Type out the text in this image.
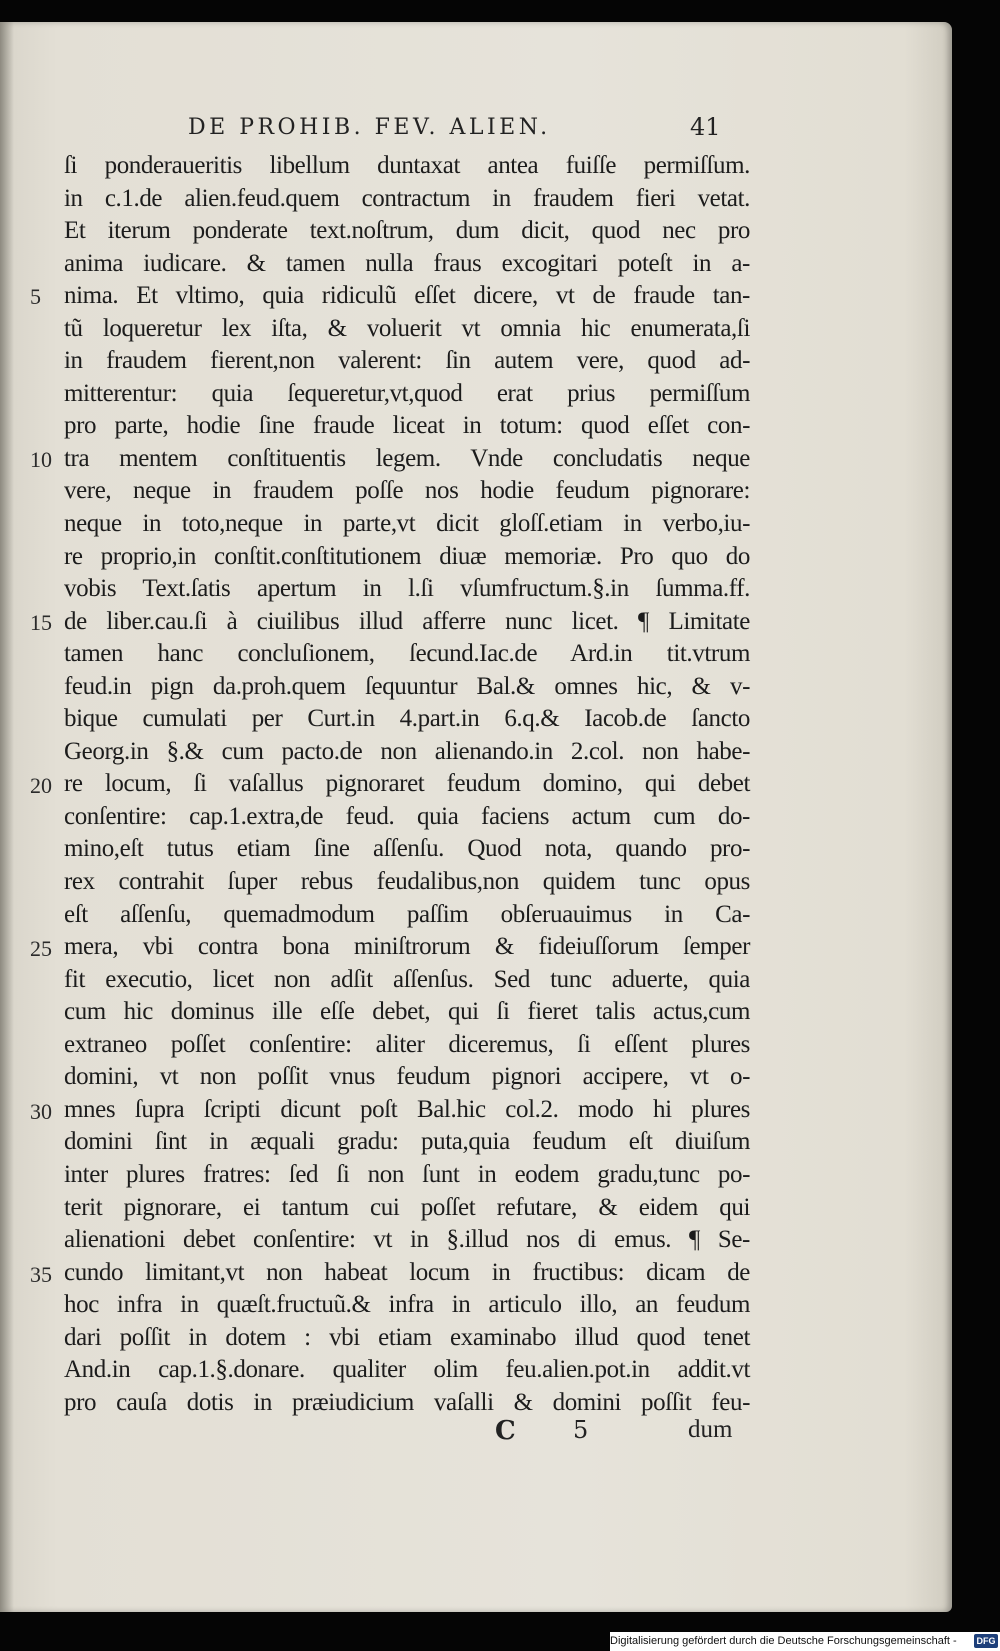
DE PROHIB. FEV. ALIEN.	41
5
10
15
20
25
30
35
ſi ponderaueritis libellum duntaxat antea fuiſſe permiſſum.
in c.1.de alien.feud.quem contractum in fraudem fieri vetat.
Et iterum ponderate text.noſtrum, dum dicit, quod nec pro
anima iudicare. & tamen nulla fraus excogitari poteſt in a-
nima. Et vltimo, quia ridiculũ eſſet dicere, vt de fraude tan-
tũ loqueretur lex iſta, & voluerit vt omnia hic enumerata,ſi
in fraudem fierent,non valerent: ſin autem vere, quod ad-
mitterentur: quia ſequeretur,vt,quod erat prius permiſſum
pro parte, hodie ſine fraude liceat in totum: quod eſſet con-
tra mentem conſtituentis legem. Vnde concludatis neque
vere, neque in fraudem poſſe nos hodie feudum pignorare:
neque in toto,neque in parte,vt dicit gloſſ.etiam in verbo,iu-
re proprio,in conſtit.conſtitutionem diuæ memoriæ. Pro quo do
vobis Text.ſatis apertum in l.ſi vſumfructum.§.in ſumma.ff.
de liber.cau.ſi à ciuilibus illud afferre nunc licet. ¶ Limitate
tamen hanc concluſionem, ſecund.Iac.de Ard.in tit.vtrum
feud.in pign da.proh.quem ſequuntur Bal.& omnes hic, & v-
bique cumulati per Curt.in 4.part.in 6.q.& Iacob.de ſancto
Georg.in §.& cum pacto.de non alienando.in 2.col. non habe-
re locum, ſi vaſallus pignoraret feudum domino, qui debet
conſentire: cap.1.extra,de feud. quia faciens actum cum do-
mino,eſt tutus etiam ſine aſſenſu. Quod nota, quando pro-
rex contrahit ſuper rebus feudalibus,non quidem tunc opus
eſt aſſenſu, quemadmodum paſſim obſeruauimus in Ca-
mera, vbi contra bona miniſtrorum & fideiuſſorum ſemper
fit executio, licet non adſit aſſenſus. Sed tunc aduerte, quia
cum hic dominus ille eſſe debet, qui ſi fieret talis actus,cum
extraneo poſſet conſentire: aliter diceremus, ſi eſſent plures
domini, vt non poſſit vnus feudum pignori accipere, vt o-
mnes ſupra ſcripti dicunt poſt Bal.hic col.2. modo hi plures
domini ſint in æquali gradu: puta,quia feudum eſt diuiſum
inter plures fratres: ſed ſi non ſunt in eodem gradu,tunc po-
terit pignorare, ei tantum cui poſſet refutare, & eidem qui
alienationi debet conſentire: vt in §.illud nos di emus. ¶ Se-
cundo limitant,vt non habeat locum in fructibus: dicam de
hoc infra in quæſt.fructuũ.& infra in articulo illo, an feudum
dari poſſit in dotem : vbi etiam examinabo illud quod tenet
And.in cap.1.§.donare. qualiter olim feu.alien.pot.in addit.vt
pro cauſa dotis in præiudicium vaſalli & domini poſſit feu-
C 5	dum
Digitalisierung gefördert durch die Deutsche Forschungsgemeinschaft - DFG
